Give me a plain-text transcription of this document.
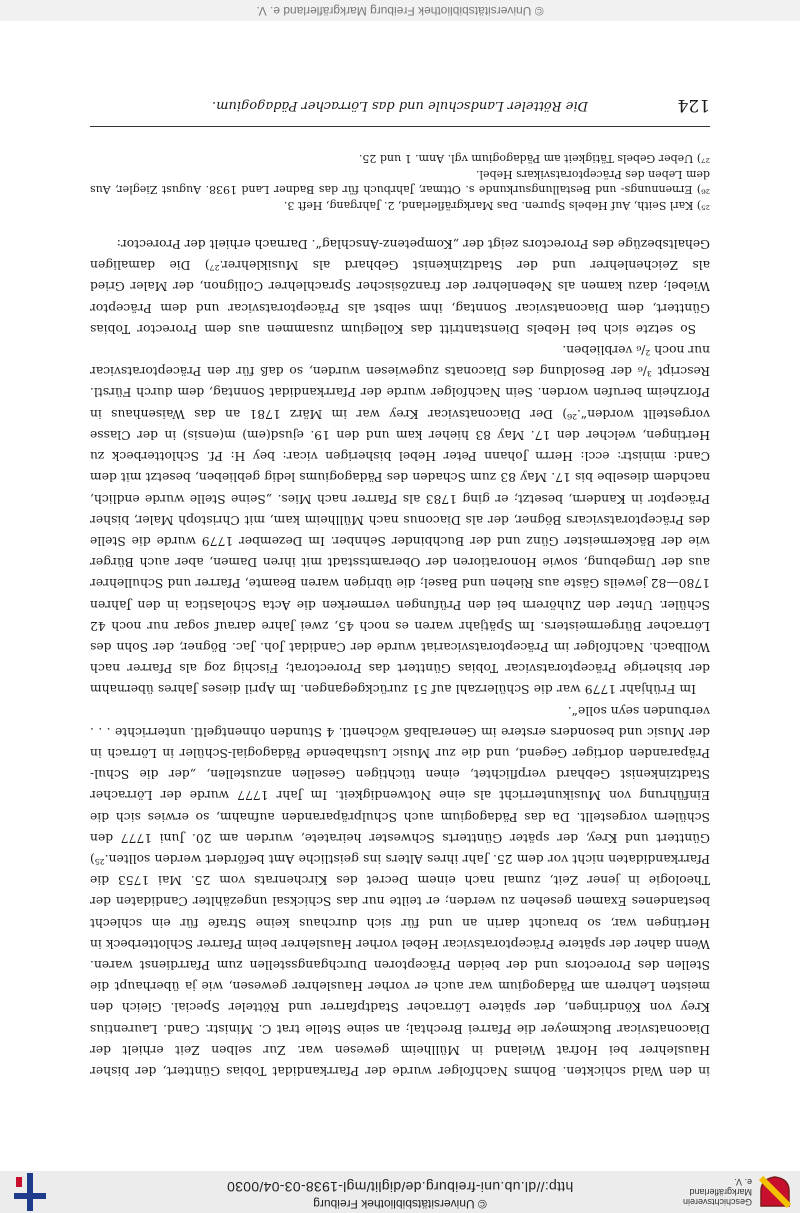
Geschichtsverein
Markgräflerland e. V.
© Universitätsbibliothek Freiburg
http://dl.ub.uni-freiburg.de/diglit/mgl-1938-03-04/0030
124
Die Rötteler Landschule und das Lörracher Pädagogium.

in den Wald schickten. Bohms Nachfolger wurde der Pfarrkandidat Tobias Günttert, der bisher Hauslehrer bei Hofrat Wieland in Müllheim gewesen war. Zur selben Zeit erhielt der Diaconatsvicar Buckmeyer die Pfarrei Brechtal; an seine Stelle trat C. Ministr. Cand. Laurentius Krey von Köndringen, der spätere Lörracher Stadtpfarrer und Rötteler Special. Gleich den meisten Lehrern am Pädagogium war auch er vorher Hauslehrer gewesen, wie ja überhaupt die Stellen des Prorectors und der beiden Präceptoren Durchgangsstellen zum Pfarrdienst waren. Wenn daher der spätere Präceptoratsvicar Hebel vorher Hauslehrer beim Pfarrer Schlotterbeck in Hertingen war, so braucht darin an und für sich durchaus keine Strafe für ein schlecht bestandenes Examen gesehen zu werden; er teilte nur das Schicksal ungezählter Candidaten der Theologie in jener Zeit, zumal nach einem Decret des Kirchenrats vom 25. Mai 1753 die Pfarrkandidaten nicht vor dem 25. Jahr ihres Alters ins geistliche Amt befördert werden sollten.²⁵) Günttert und Krey, der später Güntterts Schwester heiratete, wurden am 20. Juni 1777 den Schülern vorgestellt. Da das Pädagogium auch Schulpräparanden aufnahm, so erwies sich die Einführung von Musikunterricht als eine Notwendigkeit. Im Jahr 1777 wurde der Lörracher Stadtzinkenist Gebhard verpflichtet, einen tüchtigen Gesellen anzustellen, „der die Schul-Präparanden dortiger Gegend, und die zur Music Lusthabende Pädagogial-Schüler in Lörrach in der Music und besonders erstere im Generalbaß wöchentl. 4 Stunden ohnentgeltl. unterrichte . . . verbunden seyn solle“.

Im Frühjahr 1779 war die Schülerzahl auf 51 zurückgegangen. Im April dieses Jahres übernahm der bisherige Präceptoratsvicar Tobias Günttert das Prorectorat; Fischig zog als Pfarrer nach Wollbach. Nachfolger im Präceptoratsvicariat wurde der Candidat Joh. Jac. Bögner, der Sohn des Lörracher Bürgermeisters. Im Spätjahr waren es noch 45, zwei Jahre darauf sogar nur noch 42 Schüler. Unter den Zuhörern bei den Prüfungen vermerken die Acta Scholastica in den Jahren 1780—82 jeweils Gäste aus Riehen und Basel; die übrigen waren Beamte, Pfarrer und Schullehrer aus der Umgebung, sowie Honoratioren der Oberamtsstadt mit ihren Damen, aber auch Bürger wie der Bäckermeister Günz und der Buchbinder Sehnber. Im Dezember 1779 wurde die Stelle des Präceptoratsvicars Bögner, der als Diaconus nach Müllheim kam, mit Christoph Maler, bisher Präceptor in Kandern, besetzt; er ging 1783 als Pfarrer nach Mies. „Seine Stelle wurde endlich, nachdem dieselbe bis 17. May 83 zum Schaden des Pädagogiums ledig geblieben, besetzt mit dem Cand: ministr: eccl: Herrn Johann Peter Hebel bisherigen vicar: bey H: Pf. Schlotterbeck zu Hertingen, welcher den 17. May 83 hieher kam und den 19. ejusd(em) m(ensis) in der Classe vorgestellt worden“.²⁶) Der Diaconatsvicar Krey war im März 1781 an das Waisenhaus in Pforzheim berufen worden. Sein Nachfolger wurde der Pfarrkandidat Sonntag, dem durch Fürstl. Rescript ³/₆ der Besoldung des Diaconats zugewiesen wurden, so daß für den Präceptoratsvicar nur noch ²/₆ verblieben.

So setzte sich bei Hebels Dienstantritt das Kollegium zusammen aus dem Prorector Tobias Günttert, dem Diaconatsvicar Sonntag, ihm selbst als Präceptoratsvicar und dem Präceptor Wiebel; dazu kamen als Nebenlehrer der französischer Sprachlehrer Collignon, der Maler Gried als Zeichenlehrer und der Stadtzinkenist Gebhard als Musiklehrer.²⁷) Die damaligen Gehaltsbezüge des Prorectors zeigt der „Kompetenz-Anschlag“. Darnach erhielt der Prorector:

²⁵) Karl Seith, Auf Hebels Spuren. Das Markgräflerland, 2. Jahrgang, Heft 3.

²⁶) Ernennungs- und Bestallungsurkunde s. Ottmar, Jahrbuch für das Badner Land 1938. August Ziegler, Aus dem Leben des Präceptoratsvikars Hebel.

²⁷) Ueber Gebels Tätigkeit am Pädagogium vgl. Anm. 1 und 25.

© Universitätsbibliothek Freiburg Markgräflerland e. V.
